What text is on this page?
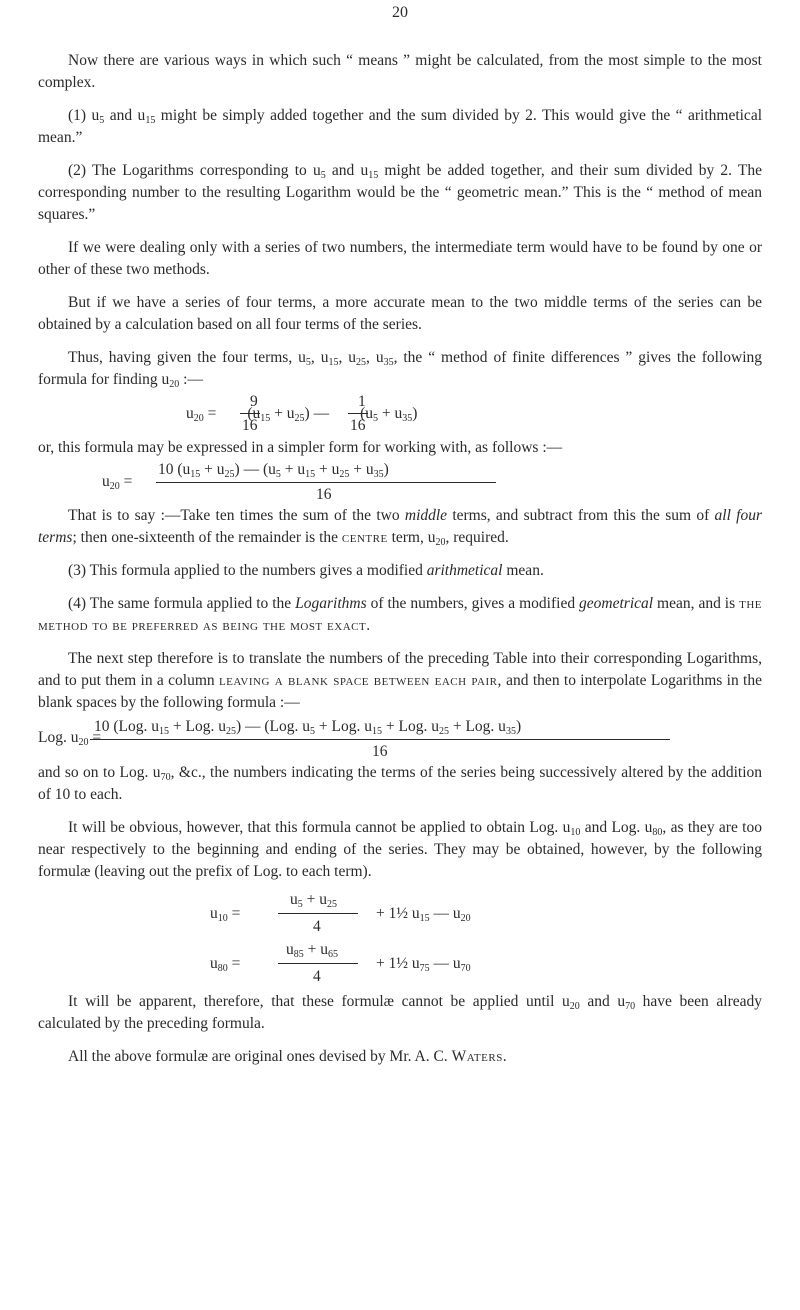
20

Now there are various ways in which such “ means ” might be calculated, from the most simple to the most complex.

(1) $u_5$ and $u_{15}$ might be simply added together and the sum divided by 2. This would give the “ arithmetical mean.”

(2) The Logarithms corresponding to $u_5$ and $u_{15}$ might be added together, and their sum divided by 2. The corresponding number to the resulting Logarithm would be the “ geometric mean.” This is the “ method of mean squares.”

If we were dealing only with a series of two numbers, the intermediate term would have to be found by one or other of these two methods.

But if we have a series of four terms, a more accurate mean to the two middle terms of the series can be obtained by a calculation based on all four terms of the series.

Thus, having given the four terms, $u_5$, $u_{15}$, $u_{25}$, $u_{35}$, the “ method of finite differences ” gives the following formula for finding $u_{20}$ :—

9	1
$u_{20} = (u_{15} + u_{25})$ — $(u_5 + u_{35})$
16	16

or, this formula may be expressed in a simpler form for working with, as follows :—

10 $(u_{15} + u_{25})$ — $(u_5 + u_{15} + u_{25} + u_{35})$
$u_{20}$ =
16

That is to say :—Take ten times the sum of the two middle terms, and subtract from this the sum of all four terms; then one-sixteenth of the remainder is the centre term, $u_{20}$, required.

(3) This formula applied to the numbers gives a modified arithmetical mean.

(4) The same formula applied to the Logarithms of the numbers, gives a modified geometrical mean, and is the method to be preferred as being the most exact.

The next step therefore is to translate the numbers of the preceding Table into their corresponding Logarithms, and to put them in a column leaving a blank space between each pair, and then to interpolate Logarithms in the blank spaces by the following formula :—

10 (Log. $u_{15}$ + Log. $u_{25}$) — (Log. $u_5$ + Log. $u_{15}$ + Log. $u_{25}$ + Log. $u_{35}$)
Log. $u_{20}$ =
16

and so on to Log. $u_{70}$, &c., the numbers indicating the terms of the series being successively altered by the addition of 10 to each.

It will be obvious, however, that this formula cannot be applied to obtain Log. $u_{10}$ and Log. $u_{80}$, as they are too near respectively to the beginning and ending of the series. They may be obtained, however, by the following formulæ (leaving out the prefix of Log. to each term).

$u_5 + u_{25}$
$u_{10}$ =	+ 1½ $u_{15}$ — $u_{20}$
4
$u_{85} + u_{65}$
$u_{80}$ =	+ 1½ $u_{75}$ — $u_{70}$
4

It will be apparent, therefore, that these formulæ cannot be applied until $u_{20}$ and $u_{70}$ have been already calculated by the preceding formula.

All the above formulæ are original ones devised by Mr. A. C. Waters.
